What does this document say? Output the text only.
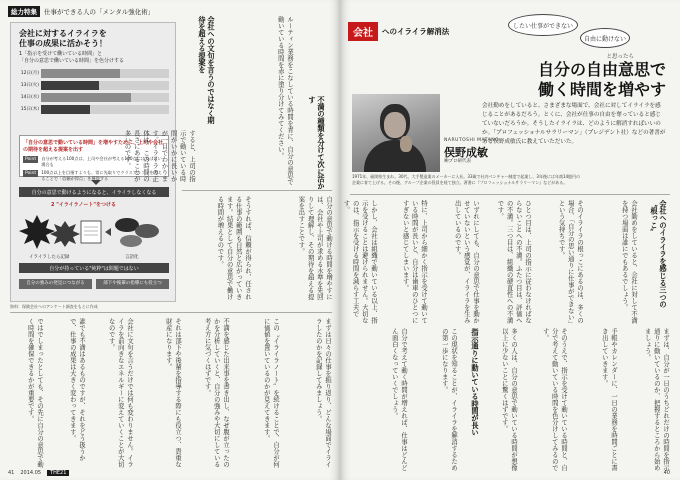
総力特集	仕事ができる人の「メンタル強化術」
会社に対するイライラを
仕事の成果に活かそう！
1「指示を受けて働いている時間」と
「自分の意思で働いている時間」を色分けする
12日(月)
13日(火)
14日(水)
15日(木)
「自分の意思で動いている時間」を増やすために、上司や会社の期待を超える提案を出す
Point	自分が考える100点は、上司や会社が考える100点には及ばない場合も
Point	100点以上を目指すよりも、常に先取りでクラスアルファを考えることで「信頼が得点」を獲得する
自分の意思で動けるようになると、イライラしなくなる
2 "イライラノート"をつける
イライラしたら記録	言語化
自分が持っている"純粋"は問題ではない
自分の強みの発見につながる	部下や後輩の指導にも役立つ
資料：保険会社へのアンケート調査をもとに作成
不満の種類を分けて次に活かす
会社への文句を言うのではなく期待を超える提案を	ルーティン業務をこなしている時間を青に、自分の意思で動いている時間を赤に塗り分けてみてください。
すると、上司の指示で動いている時間がいかに長いかが一目でわかります。イライラの正体は、この時間の長さにあることが多いのです。
自分の意思で動ける時間を増やすには、会社や上司が求める水準を先回りして理解し、その期待を超える提案を出すことです。
そうすれば、信頼が得られ、任される仕事の範囲も自然と広がっていきます。結果として自分の意思で働ける時間が増えるのです。
まずは日々の仕事を振り返り、どんな場面でイライラしたのかを記録してみましょう。
この〝イライラノート〟を続けることで、自分が何に価値を置いているのかが見えてきます。
不満を感じた出来事を書き出し、なぜ腹が立ったのかを分析していくと、自分の強みや大切にしている考え方に気づくはずです。
それは部下や後輩を指導する際にも役立つ、貴重な財産になります。
会社に文句を言うだけでは何も変わりません。イライラを前向きなエネルギーに変えていくことが大切なのです。
誰でも不満はあるものですが、それをどう扱うかで、仕事の成果は大きく変わってきます。
ではでしまったとしても、その先に自分の意思で動く時間を確保できるかが重要です。
41 2014.05	THE21
会社	へのイライラ解消法
したい仕事ができない
自由に動けない
と思ったら
自分の自由意思で
働く時間を増やす
会社勤めをしていると、さまざまな場面で、会社に対してイライラを感じることがあるだろう。とくに、会社が仕事の自由を奪っていると感じていないだろうか。そうしたイライラは、どのように解消すればいいのか。「プロフェッショナルサラリーマン」（プレジデント社）などの著書がある俣野成敏氏に教えていただいた。
NARUTOSHI MATANO
俣野成敏
㈱プロ研代表
1971年、福岡県生まれ。30代、大手製造業のメーカーに入社。33歳で社内ベンチャー制度で起業し、3年後には年商14億円の企業に育て上げる。その後、グループ企業の役員を経て独立。著書に『プロフェッショナルサラリーマン』などがある。
会社へのイライラを感じる三つの〝根っこ〟
指示通りに動いている時間が長い
会社勤めをしていると、会社に対して不満を持つ場面は誰にでもあるでしょう。
そのイライラの根っこにあるのは、多くの場合、「自分の思い通りに仕事ができない」という気持ちです。
ひとつ目は、上司の指示に従わなければならないことへの不満。ふたつ目は、評価への不満。三つ目は、組織の硬直性への不満です。
いずれにしても、自分の意思で仕事を動かせていないという感覚が、イライラを生み出しているのです。
特に、上司から細かく指示を受けて動いている時間が長いと、自分は歯車のひとつにすぎないと感じてしまいます。
しかし、会社は組織で動いている以上、指示を受けることは避けられません。大切なのは、指示を受ける時間を減らす工夫です。
まずは、自分が一日のうちどれだけの時間を指示通りに動いているのか、把握するところから始めましょう。
手帳やカレンダーに、一日の業務を時間ごとに書き出していきます。
そのうえで、指示を受けて動いている時間と、自分で考えて動いている時間を色分けしてみるのです。
多くの人は、自分の意思で動いている時間が想像以上に少ないことに驚くはずです。
この現状を知ることが、イライラを解消するための第一歩になります。
自分で考えて動く時間が増えれば、仕事はどんどん面白くなっていくでしょう。
40
